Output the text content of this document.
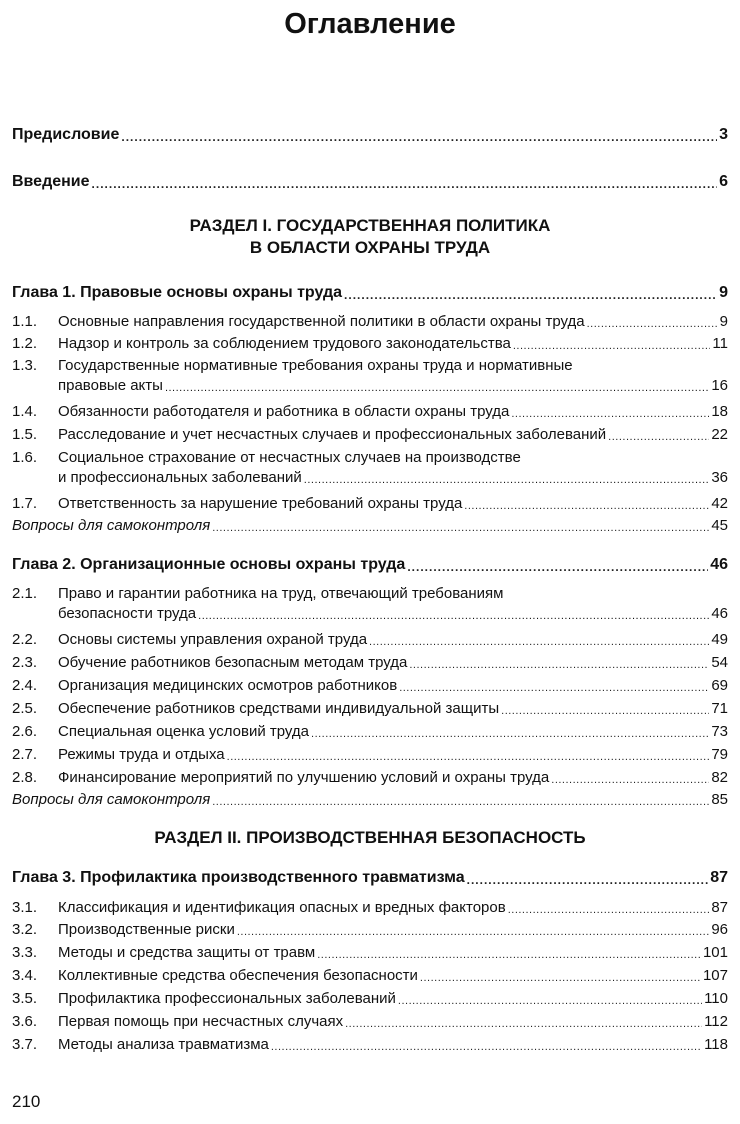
Оглавление
Предисловие .....	3
Введение .....	6
РАЗДЕЛ I. ГОСУДАРСТВЕННАЯ ПОЛИТИКА
В ОБЛАСТИ ОХРАНЫ ТРУДА
Глава 1. Правовые основы охраны труда .....	9
1.1. Основные направления государственной политики в области охраны труда .....	9
1.2. Надзор и контроль за соблюдением трудового законодательства .....	11
1.3.	Государственные нормативные требования охраны труда и нормативные
правовые акты .....	16
1.4. Обязанности работодателя и работника в области охраны труда .....	18
1.5. Расследование и учет несчастных случаев и профессиональных заболеваний .....	22
1.6.	Социальное страхование от несчастных случаев на производстве
и профессиональных заболеваний .....	36
1.7. Ответственность за нарушение требований охраны труда .....	42
Вопросы для самоконтроля .....	45
Глава 2. Организационные основы охраны труда .....	46
2.1.	Право и гарантии работника на труд, отвечающий требованиям
безопасности труда .....	46
2.2. Основы системы управления охраной труда .....	49
2.3. Обучение работников безопасным методам труда .....	54
2.4. Организация медицинских осмотров работников .....	69
2.5. Обеспечение работников средствами индивидуальной защиты .....	71
2.6. Специальная оценка условий труда .....	73
2.7. Режимы труда и отдыха .....	79
2.8. Финансирование мероприятий по улучшению условий и охраны труда .....	82
Вопросы для самоконтроля .....	85
РАЗДЕЛ II. ПРОИЗВОДСТВЕННАЯ БЕЗОПАСНОСТЬ
Глава 3. Профилактика производственного травматизма .....	87
3.1. Классификация и идентификация опасных и вредных факторов .....	87
3.2. Производственные риски .....	96
3.3. Методы и средства защиты от травм .....	101
3.4. Коллективные средства обеспечения безопасности .....	107
3.5. Профилактика профессиональных заболеваний .....	110
3.6. Первая помощь при несчастных случаях .....	112
3.7. Методы анализа травматизма .....	118
210
